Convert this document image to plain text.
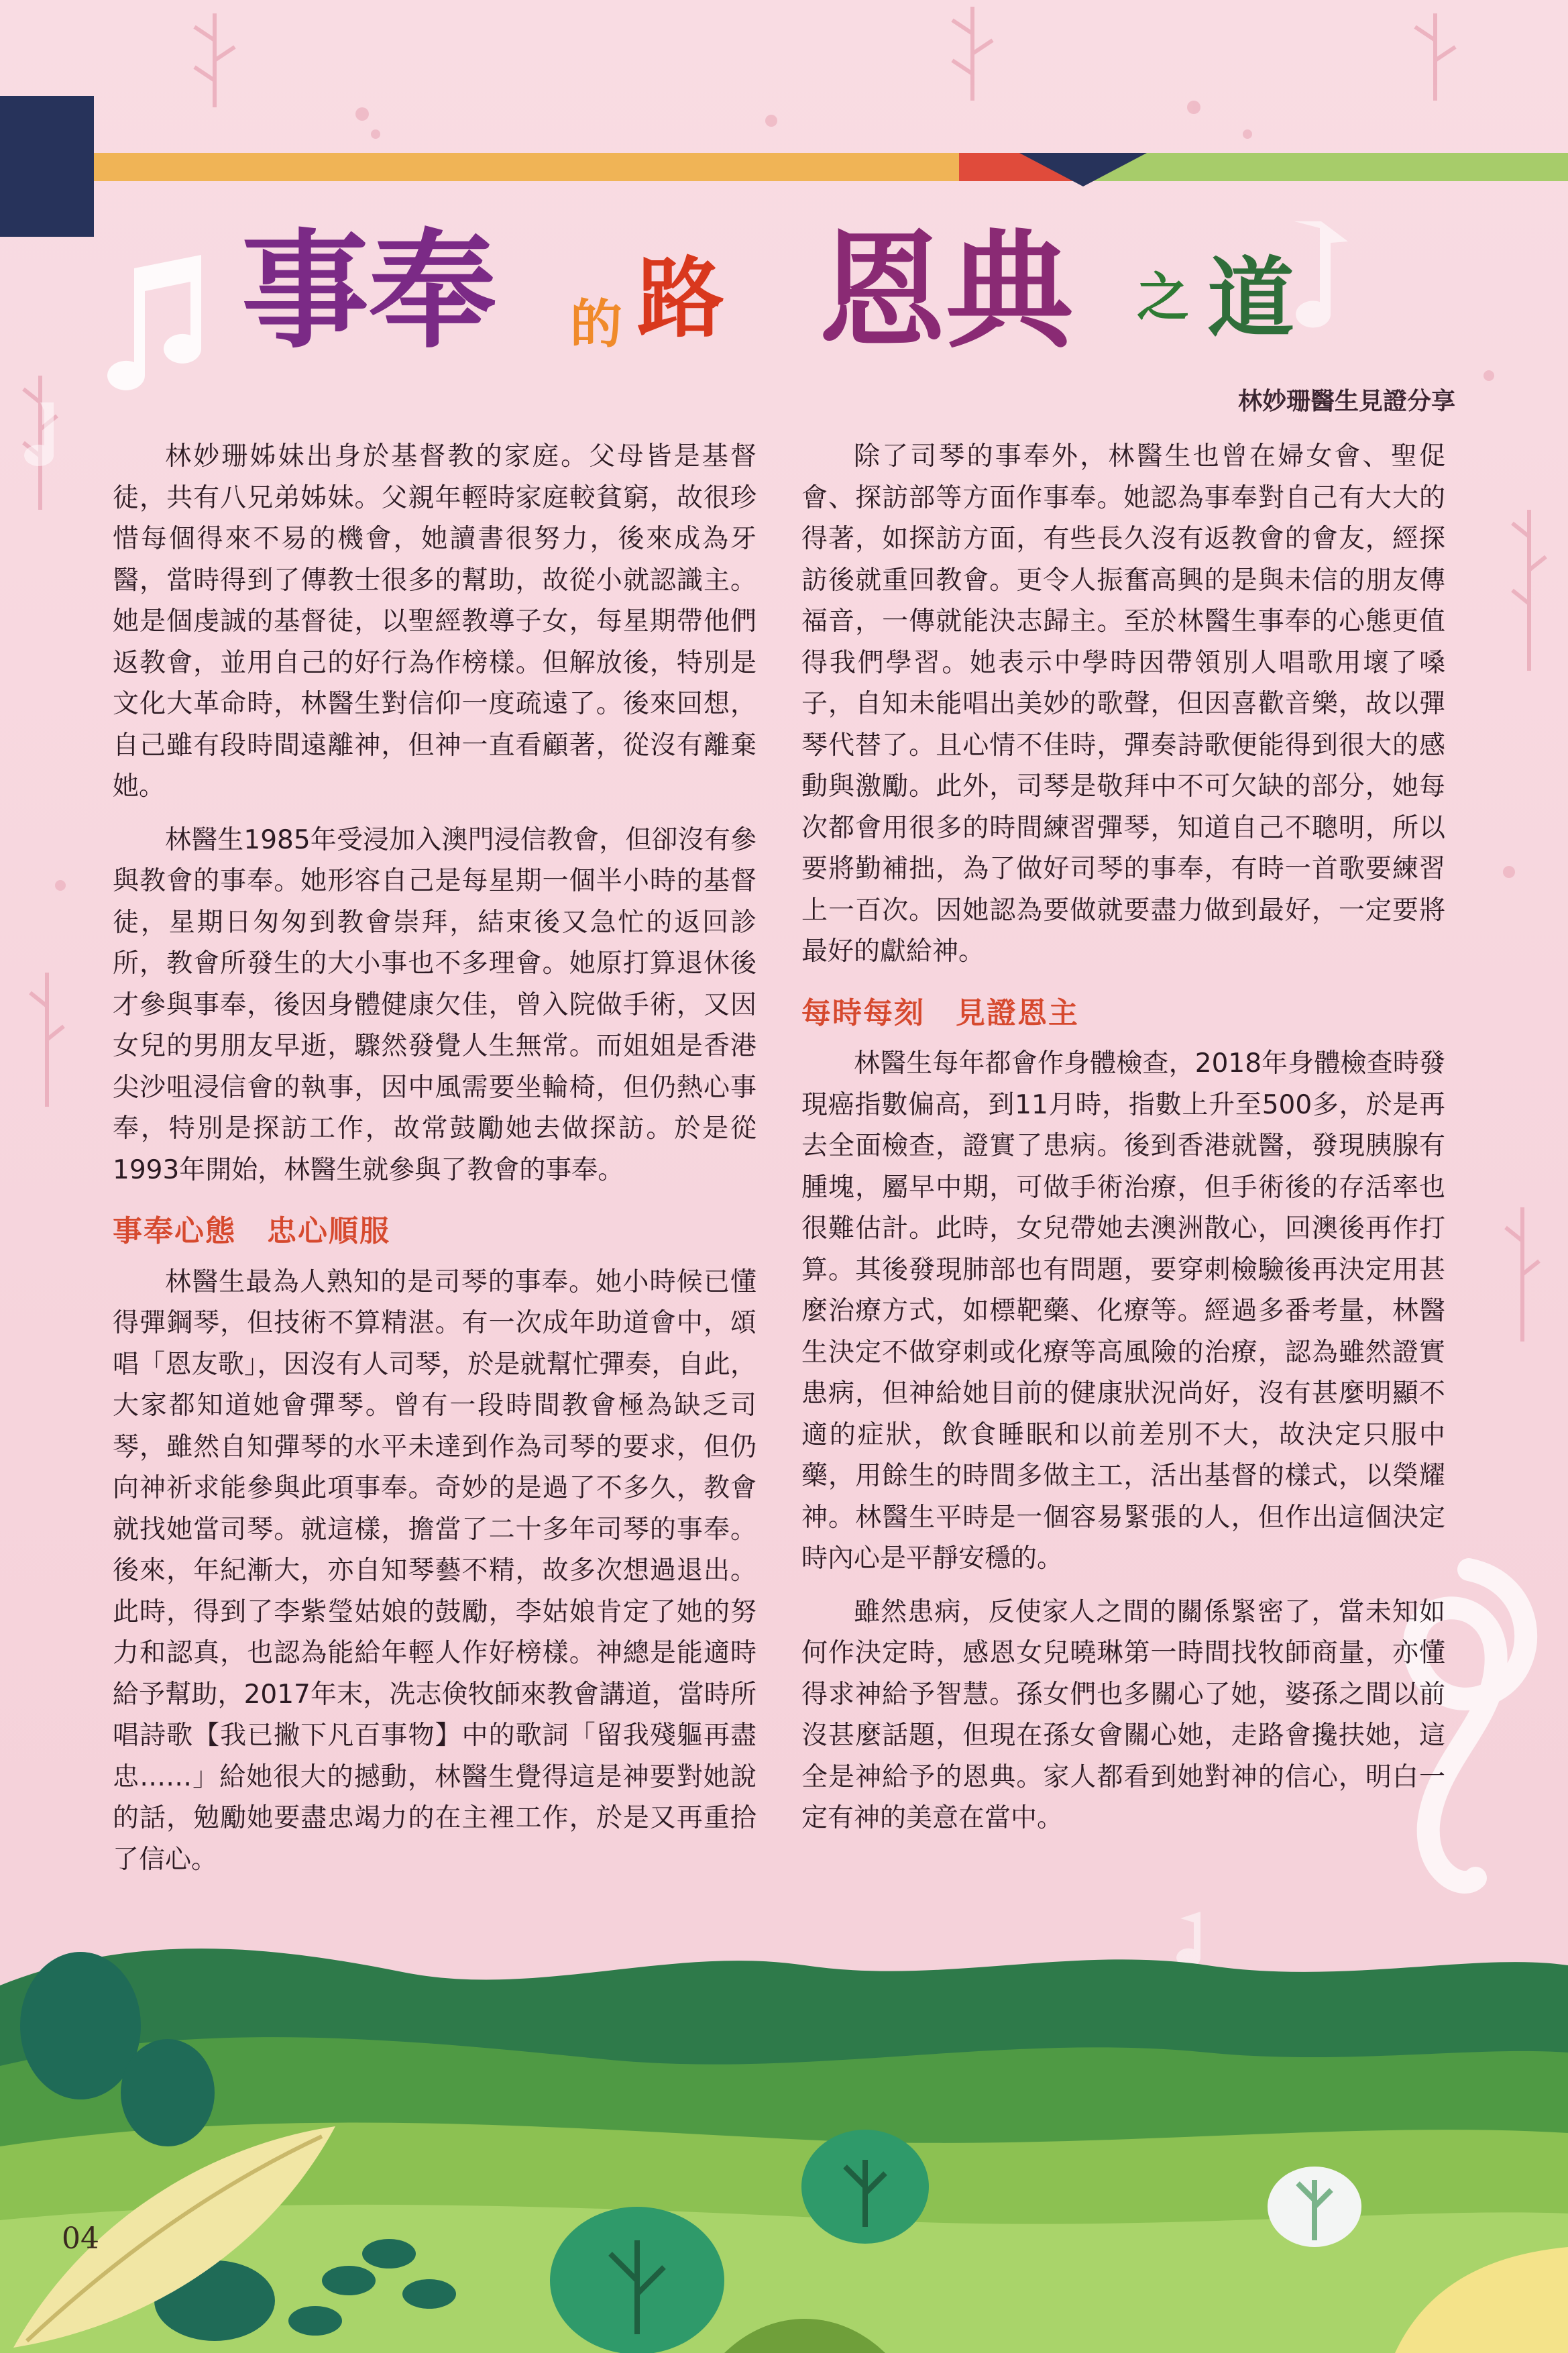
事奉 的 路 恩典 之 道
林妙珊醫生見證分享

林妙珊姊妹出身於基督教的家庭。父母皆是基督徒，共有八兄弟姊妹。父親年輕時家庭較貧窮，故很珍惜每個得來不易的機會，她讀書很努力，後來成為牙醫，當時得到了傳教士很多的幫助，故從小就認識主。她是個虔誠的基督徒，以聖經教導子女，每星期帶他們返教會，並用自己的好行為作榜樣。但解放後，特別是文化大革命時，林醫生對信仰一度疏遠了。後來回想，自己雖有段時間遠離神，但神一直看顧著，從沒有離棄她。

林醫生1985年受浸加入澳門浸信教會，但卻沒有參與教會的事奉。她形容自己是每星期一個半小時的基督徒，星期日匆匆到教會崇拜，結束後又急忙的返回診所，教會所發生的大小事也不多理會。她原打算退休後才參與事奉，後因身體健康欠佳，曾入院做手術，又因女兒的男朋友早逝，驟然發覺人生無常。而姐姐是香港尖沙咀浸信會的執事，因中風需要坐輪椅，但仍熱心事奉，特別是探訪工作，故常鼓勵她去做探訪。於是從1993年開始，林醫生就參與了教會的事奉。

事奉心態　忠心順服

林醫生最為人熟知的是司琴的事奉。她小時候已懂得彈鋼琴，但技術不算精湛。有一次成年助道會中，頌唱「恩友歌」，因沒有人司琴，於是就幫忙彈奏，自此，大家都知道她會彈琴。曾有一段時間教會極為缺乏司琴，雖然自知彈琴的水平未達到作為司琴的要求，但仍向神祈求能參與此項事奉。奇妙的是過了不多久，教會就找她當司琴。就這樣，擔當了二十多年司琴的事奉。後來，年紀漸大，亦自知琴藝不精，故多次想過退出。此時，得到了李紫瑩姑娘的鼓勵，李姑娘肯定了她的努力和認真，也認為能給年輕人作好榜樣。神總是能適時給予幫助，2017年末，冼志倹牧師來教會講道，當時所唱詩歌【我已撇下凡百事物】中的歌詞「留我殘軀再盡忠……」給她很大的撼動，林醫生覺得這是神要對她說的話，勉勵她要盡忠竭力的在主裡工作，於是又再重拾了信心。

除了司琴的事奉外，林醫生也曾在婦女會、聖促會、探訪部等方面作事奉。她認為事奉對自己有大大的得著，如探訪方面，有些長久沒有返教會的會友，經探訪後就重回教會。更令人振奮高興的是與未信的朋友傳福音，一傳就能決志歸主。至於林醫生事奉的心態更值得我們學習。她表示中學時因帶領別人唱歌用壞了嗓子，自知未能唱出美妙的歌聲，但因喜歡音樂，故以彈琴代替了。且心情不佳時，彈奏詩歌便能得到很大的感動與激勵。此外，司琴是敬拜中不可欠缺的部分，她每次都會用很多的時間練習彈琴，知道自己不聰明，所以要將勤補拙，為了做好司琴的事奉，有時一首歌要練習上一百次。因她認為要做就要盡力做到最好，一定要將最好的獻給神。

每時每刻　見證恩主

林醫生每年都會作身體檢查，2018年身體檢查時發現癌指數偏高，到11月時，指數上升至500多，於是再去全面檢查，證實了患病。後到香港就醫，發現胰腺有腫塊，屬早中期，可做手術治療，但手術後的存活率也很難估計。此時，女兒帶她去澳洲散心，回澳後再作打算。其後發現肺部也有問題，要穿刺檢驗後再決定用甚麼治療方式，如標靶藥、化療等。經過多番考量，林醫生決定不做穿刺或化療等高風險的治療，認為雖然證實患病，但神給她目前的健康狀況尚好，沒有甚麼明顯不適的症狀，飲食睡眠和以前差別不大，故決定只服中藥，用餘生的時間多做主工，活出基督的樣式，以榮耀神。林醫生平時是一個容易緊張的人，但作出這個決定時內心是平靜安穩的。

雖然患病，反使家人之間的關係緊密了，當未知如何作決定時，感恩女兒曉琳第一時間找牧師商量，亦懂得求神給予智慧。孫女們也多關心了她，婆孫之間以前沒甚麼話題，但現在孫女會關心她，走路會攙扶她，這全是神給予的恩典。家人都看到她對神的信心，明白一定有神的美意在當中。

04
